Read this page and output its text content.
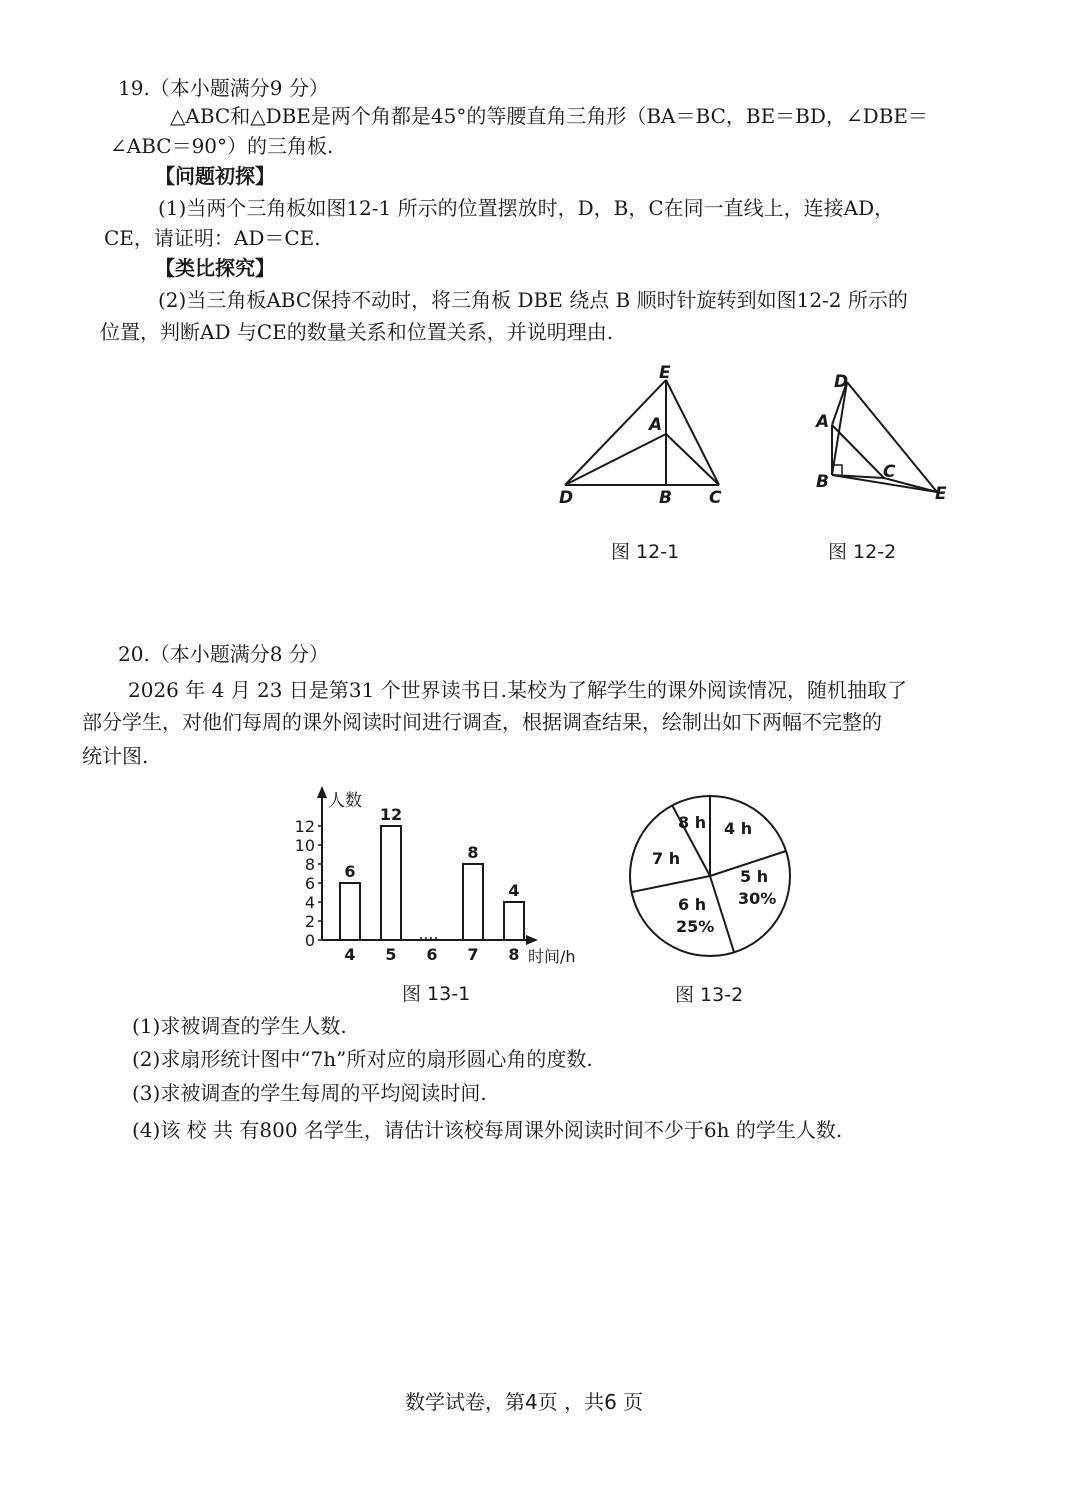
19.（本小题满分9 分）
△ABC和△DBE是两个角都是45°的等腰直角三角形（BA＝BC，BE＝BD，∠DBE＝
∠ABC＝90°）的三角板.
【问题初探】
(1)当两个三角板如图12-1 所示的位置摆放时，D，B，C在同一直线上，连接AD，
CE，请证明：AD＝CE.
【类比探究】
(2)当三角板ABC保持不动时，将三角板 DBE 绕点 B 顺时针旋转到如图12-2 所示的
位置，判断AD 与CE的数量关系和位置关系，并说明理由.
E
A
D	B C
图 12-1
D
A
B	C
E
图 12-2
20.（本小题满分8 分）
2026 年 4 月 23 日是第31 个世界读书日.某校为了解学生的课外阅读情况，随机抽取了
部分学生，对他们每周的课外阅读时间进行调查，根据调查结果，绘制出如下两幅不完整的
统计图.
人数
时间/h
0
2
4
6
8
10
12
4
6
5
12
6 7
8
8
4
图 13-1
4 h
5 h
30%
6 h
25%
7 h
8 h
图 13-2
(1)求被调查的学生人数.
(2)求扇形统计图中“7h”所对应的扇形圆心角的度数.
(3)求被调查的学生每周的平均阅读时间.
(4)该 校 共 有800 名学生，请估计该校每周课外阅读时间不少于6h 的学生人数.
数学试卷，第4页 ，共6 页
